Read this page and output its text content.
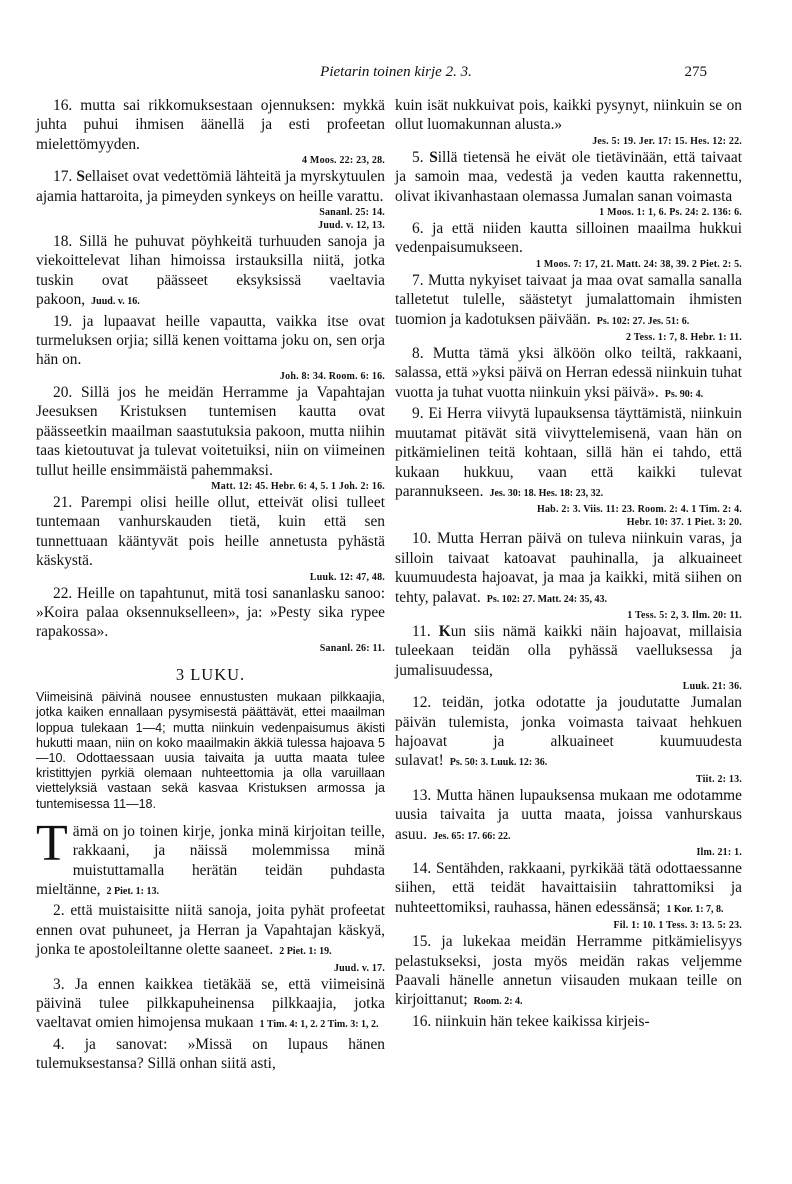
Pietarin toinen kirje 2. 3.	275

16. mutta sai rikkomuksestaan ojennuksen: mykkä juhta puhui ihmisen äänellä ja esti profeetan mielettömyyden.

4 Moos. 22: 23, 28.

17. Sellaiset ovat vedettömiä lähteitä ja myrskytuulen ajamia hattaroita, ja pimeyden synkeys on heille varattu.

Sananl. 25: 14.
Juud. v. 12, 13.

18. Sillä he puhuvat pöyhkeitä turhuuden sanoja ja viekoittelevat lihan himoissa irstauksilla niitä, jotka tuskin ovat päässeet eksyksissä vaeltavia pakoon, Juud. v. 16.

19. ja lupaavat heille vapautta, vaikka itse ovat turmeluksen orjia; sillä kenen voittama joku on, sen orja hän on.

Joh. 8: 34. Room. 6: 16.

20. Sillä jos he meidän Herramme ja Vapahtajan Jeesuksen Kristuksen tuntemisen kautta ovat päässeetkin maailman saastutuksia pakoon, mutta niihin taas kietoutuvat ja tulevat voitetuiksi, niin on viimeinen tullut heille ensimmäistä pahemmaksi.

Matt. 12: 45. Hebr. 6: 4, 5. 1 Joh. 2: 16.

21. Parempi olisi heille ollut, etteivät olisi tulleet tuntemaan vanhurskauden tietä, kuin että sen tunnettuaan kääntyvät pois heille annetusta pyhästä käskystä.

Luuk. 12: 47, 48.

22. Heille on tapahtunut, mitä tosi sananlasku sanoo: »Koira palaa oksennukselleen», ja: »Pesty sika rypee rapakossa».

Sananl. 26: 11.
3 LUKU.
Viimeisinä päivinä nousee ennustusten mukaan pilkkaajia, jotka kaiken ennallaan pysymisestä päättävät, ettei maailman loppua tulekaan 1—4; mutta niinkuin vedenpaisumus äkisti hukutti maan, niin on koko maailmakin äkkiä tulessa hajoava 5—10. Odottaessaan uusia taivaita ja uutta maata tulee kristittyjen pyrkiä olemaan nuhteettomia ja olla varuillaan viettelyksiä vastaan sekä kasvaa Kristuksen armossa ja tuntemisessa 11—18.

Tämä on jo toinen kirje, jonka minä kirjoitan teille, rakkaani, ja näissä molemmissa minä muistuttamalla herätän teidän puhdasta mieltänne, 2 Piet. 1: 13.

2. että muistaisitte niitä sanoja, joita pyhät profeetat ennen ovat puhuneet, ja Herran ja Vapahtajan käskyä, jonka te apostoleiltanne olette saaneet. 2 Piet. 1: 19.

Juud. v. 17.

3. Ja ennen kaikkea tietäkää se, että viimeisinä päivinä tulee pilkkapuheinensa pilkkaajia, jotka vaeltavat omien himojensa mukaan 1 Tim. 4: 1, 2. 2 Tim. 3: 1, 2.

4. ja sanovat: »Missä on lupaus hänen tulemuksestansa? Sillä onhan siitä asti,

kuin isät nukkuivat pois, kaikki pysynyt, niinkuin se on ollut luomakunnan alusta.»

Jes. 5: 19. Jer. 17: 15. Hes. 12: 22.

5. Sillä tietensä he eivät ole tietävinään, että taivaat ja samoin maa, vedestä ja veden kautta rakennettu, olivat ikivanhastaan olemassa Jumalan sanan voimasta

1 Moos. 1: 1, 6. Ps. 24: 2. 136: 6.

6. ja että niiden kautta silloinen maailma hukkui vedenpaisumukseen.

1 Moos. 7: 17, 21. Matt. 24: 38, 39. 2 Piet. 2: 5.

7. Mutta nykyiset taivaat ja maa ovat samalla sanalla talletetut tulelle, säästetyt jumalattomain ihmisten tuomion ja kadotuksen päivään. Ps. 102: 27. Jes. 51: 6.

2 Tess. 1: 7, 8. Hebr. 1: 11.

8. Mutta tämä yksi älköön olko teiltä, rakkaani, salassa, että »yksi päivä on Herran edessä niinkuin tuhat vuotta ja tuhat vuotta niinkuin yksi päivä». Ps. 90: 4.

9. Ei Herra viivytä lupauksensa täyttämistä, niinkuin muutamat pitävät sitä viivyttelemisenä, vaan hän on pitkämielinen teitä kohtaan, sillä hän ei tahdo, että kukaan hukkuu, vaan että kaikki tulevat parannukseen. Jes. 30: 18. Hes. 18: 23, 32.

Hab. 2: 3. Viis. 11: 23. Room. 2: 4. 1 Tim. 2: 4.
Hebr. 10: 37. 1 Piet. 3: 20.

10. Mutta Herran päivä on tuleva niinkuin varas, ja silloin taivaat katoavat pauhinalla, ja alkuaineet kuumuudesta hajoavat, ja maa ja kaikki, mitä siihen on tehty, palavat. Ps. 102: 27. Matt. 24: 35, 43.

1 Tess. 5: 2, 3. Ilm. 20: 11.

11. Kun siis nämä kaikki näin hajoavat, millaisia tuleekaan teidän olla pyhässä vaelluksessa ja jumalisuudessa,

Luuk. 21: 36.

12. teidän, jotka odotatte ja joudutatte Jumalan päivän tulemista, jonka voimasta taivaat hehkuen hajoavat ja alkuaineet kuumuudesta sulavat! Ps. 50: 3. Luuk. 12: 36.

Tiit. 2: 13.

13. Mutta hänen lupauksensa mukaan me odotamme uusia taivaita ja uutta maata, joissa vanhurskaus asuu. Jes. 65: 17. 66: 22.

Ilm. 21: 1.

14. Sentähden, rakkaani, pyrkikää tätä odottaessanne siihen, että teidät havaittaisiin tahrattomiksi ja nuhteettomiksi, rauhassa, hänen edessänsä; 1 Kor. 1: 7, 8.

Fil. 1: 10. 1 Tess. 3: 13. 5: 23.

15. ja lukekaa meidän Herramme pitkämielisyys pelastukseksi, josta myös meidän rakas veljemme Paavali hänelle annetun viisauden mukaan teille on kirjoittanut; Room. 2: 4.

16. niinkuin hän tekee kaikissa kirjeis-
